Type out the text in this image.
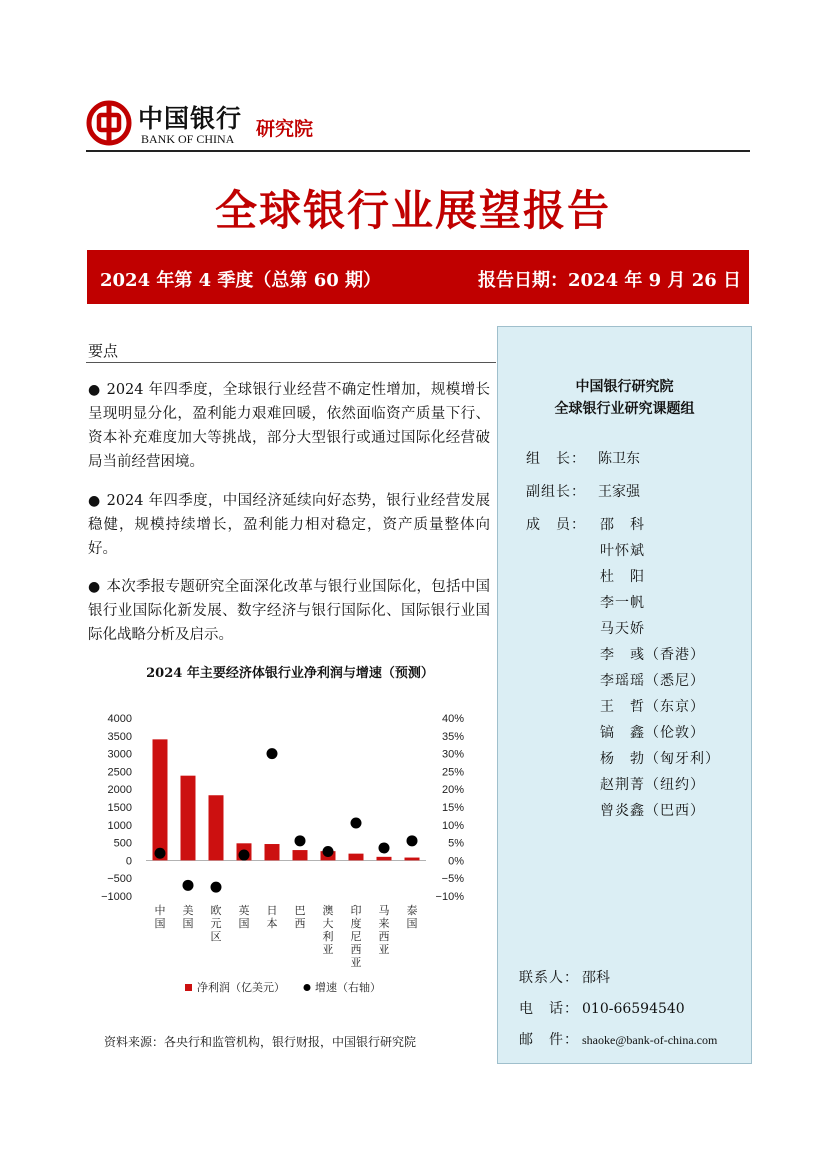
中国银行
BANK OF CHINA 研究院
全球银行业展望报告
2024 年第 4 季度（总第 60 期）	报告日期：2024 年 9 月 26 日
要点
● 2024 年四季度，全球银行业经营不确定性增加，规模增长呈现明显分化，盈利能力艰难回暖，依然面临资产质量下行、资本补充难度加大等挑战，部分大型银行或通过国际化经营破局当前经营困境。
● 2024 年四季度，中国经济延续向好态势，银行业经营发展稳健，规模持续增长，盈利能力相对稳定，资产质量整体向好。
● 本次季报专题研究全面深化改革与银行业国际化，包括中国银行业国际化新发展、数字经济与银行国际化、国际银行业国际化战略分析及启示。
2024 年主要经济体银行业净利润与增速（预测）
4000
3500
3000
2500
2000
1500
1000
500
0
−500
−1000
40%
35%
30%
25%
20%
15%
10%
5%
0%
−5%
−10%
中国
美国
欧元区
英国
日本
巴西
澳大利亚
印度尼西亚
马来西亚
泰国
净利润（亿美元）	增速（右轴）
资料来源：各央行和监管机构，银行财报，中国银行研究院
中国银行研究院
全球银行业研究课题组
组　长： 陈卫东
副组长： 王家强
成　员：	邵　科
叶怀斌
杜　阳
李一帆
马天娇
李　彧（香港）
李瑶瑶（悉尼）
王　哲（东京）
镐　鑫（伦敦）
杨　勃（匈牙利）
赵荆菁（纽约）
曾炎鑫（巴西）
联系人： 邵科
电　话： 010-66594540
邮　件： shaoke@bank-of-china.com
